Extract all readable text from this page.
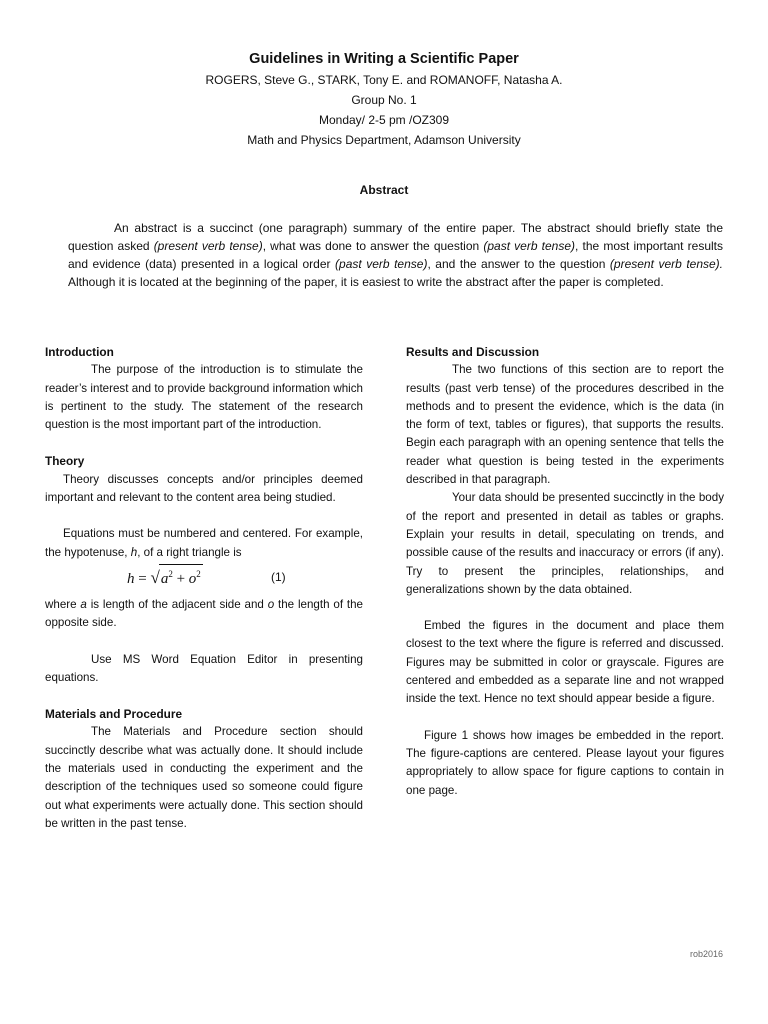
Guidelines in Writing a Scientific Paper

ROGERS, Steve G., STARK, Tony E. and ROMANOFF, Natasha A.

Group No. 1

Monday/ 2-5 pm /OZ309

Math and Physics Department, Adamson University

Abstract

An abstract is a succinct (one paragraph) summary of the entire paper. The abstract should briefly state the question asked (present verb tense), what was done to answer the question (past verb tense), the most important results and evidence (data) presented in a logical order (past verb tense), and the answer to the question (present verb tense). Although it is located at the beginning of the paper, it is easiest to write the abstract after the paper is completed.

Introduction

The purpose of the introduction is to stimulate the reader’s interest and to provide background information which is pertinent to the study. The statement of the research question is the most important part of the introduction.

Theory

Theory discusses concepts and/or principles deemed important and relevant to the content area being studied.

Equations must be numbered and centered. For example, the hypotenuse, h, of a right triangle is

$h = √a^2 + o^2$	(1)

where a is length of the adjacent side and o the length of the opposite side.

Use MS Word Equation Editor in presenting equations.

Materials and Procedure

The Materials and Procedure section should succinctly describe what was actually done. It should include the materials used in conducting the experiment and the description of the techniques used so someone could figure out what experiments were actually done. This section should be written in the past tense.

Results and Discussion

The two functions of this section are to report the results (past verb tense) of the procedures described in the methods and to present the evidence, which is the data (in the form of text, tables or figures), that supports the results. Begin each paragraph with an opening sentence that tells the reader what question is being tested in the experiments described in that paragraph.

Your data should be presented succinctly in the body of the report and presented in detail as tables or graphs. Explain your results in detail, speculating on trends, and possible cause of the results and inaccuracy or errors (if any). Try to present the principles, relationships, and generalizations shown by the data obtained.

Embed the figures in the document and place them closest to the text where the figure is referred and discussed. Figures may be submitted in color or grayscale. Figures are centered and embedded as a separate line and not wrapped inside the text. Hence no text should appear beside a figure.

Figure 1 shows how images be embedded in the report. The figure-captions are centered. Please layout your figures appropriately to allow space for figure captions to contain in one page.

rob2016
